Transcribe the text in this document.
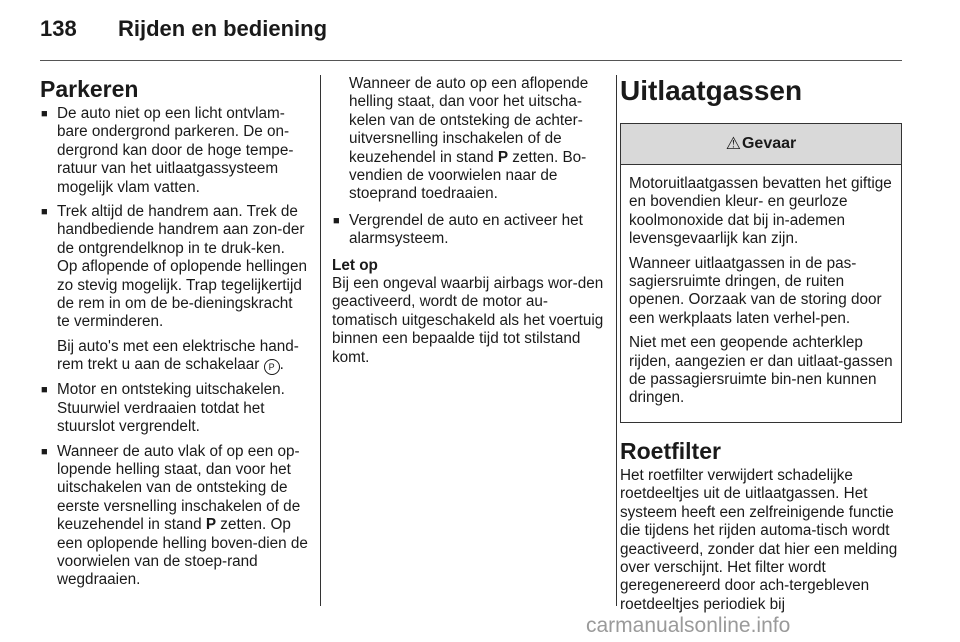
138 Rijden en bediening
Parkeren

■ De auto niet op een licht ontvlam-bare ondergrond parkeren. De on-dergrond kan door de hoge tempe-ratuur van het uitlaatgassysteem mogelijk vlam vatten.

■ Trek altijd de handrem aan. Trek de handbediende handrem aan zon-der de ontgrendelknop in te druk-ken. Op aflopende of oplopende hellingen zo stevig mogelijk. Trap tegelijkertijd de rem in om de be-dieningskracht te verminderen.

Bij auto's met een elektrische hand-rem trekt u aan de schakelaar P .

■ Motor en ontsteking uitschakelen. Stuurwiel verdraaien totdat het stuurslot vergrendelt.

■ Wanneer de auto vlak of op een op-lopende helling staat, dan voor het uitschakelen van de ontsteking de eerste versnelling inschakelen of de keuzehendel in stand P zetten. Op een oplopende helling boven-dien de voorwielen van de stoep-rand wegdraaien.

Wanneer de auto op een aflopende helling staat, dan voor het uitscha-kelen van de ontsteking de achter-uitversnelling inschakelen of de keuzehendel in stand P zetten. Bo-vendien de voorwielen naar de stoeprand toedraaien.

■ Vergrendel de auto en activeer het alarmsysteem.

Let op

Bij een ongeval waarbij airbags wor-den geactiveerd, wordt de motor au-tomatisch uitgeschakeld als het voertuig binnen een bepaalde tijd tot stilstand komt.

Uitlaatgassen
⚠ Gevaar

Motoruitlaatgassen bevatten het giftige en bovendien kleur- en geurloze koolmonoxide dat bij in-ademen levensgevaarlijk kan zijn.

Wanneer uitlaatgassen in de pas-sagiersruimte dringen, de ruiten openen. Oorzaak van de storing door een werkplaats laten verhel-pen.

Niet met een geopende achterklep rijden, aangezien er dan uitlaat-gassen de passagiersruimte bin-nen kunnen dringen.

Roetfilter

Het roetfilter verwijdert schadelijke roetdeeltjes uit de uitlaatgassen. Het systeem heeft een zelfreinigende functie die tijdens het rijden automa-tisch wordt geactiveerd, zonder dat hier een melding over verschijnt. Het filter wordt geregenereerd door ach-tergebleven roetdeeltjes periodiek bij

carmanualsonline.info
